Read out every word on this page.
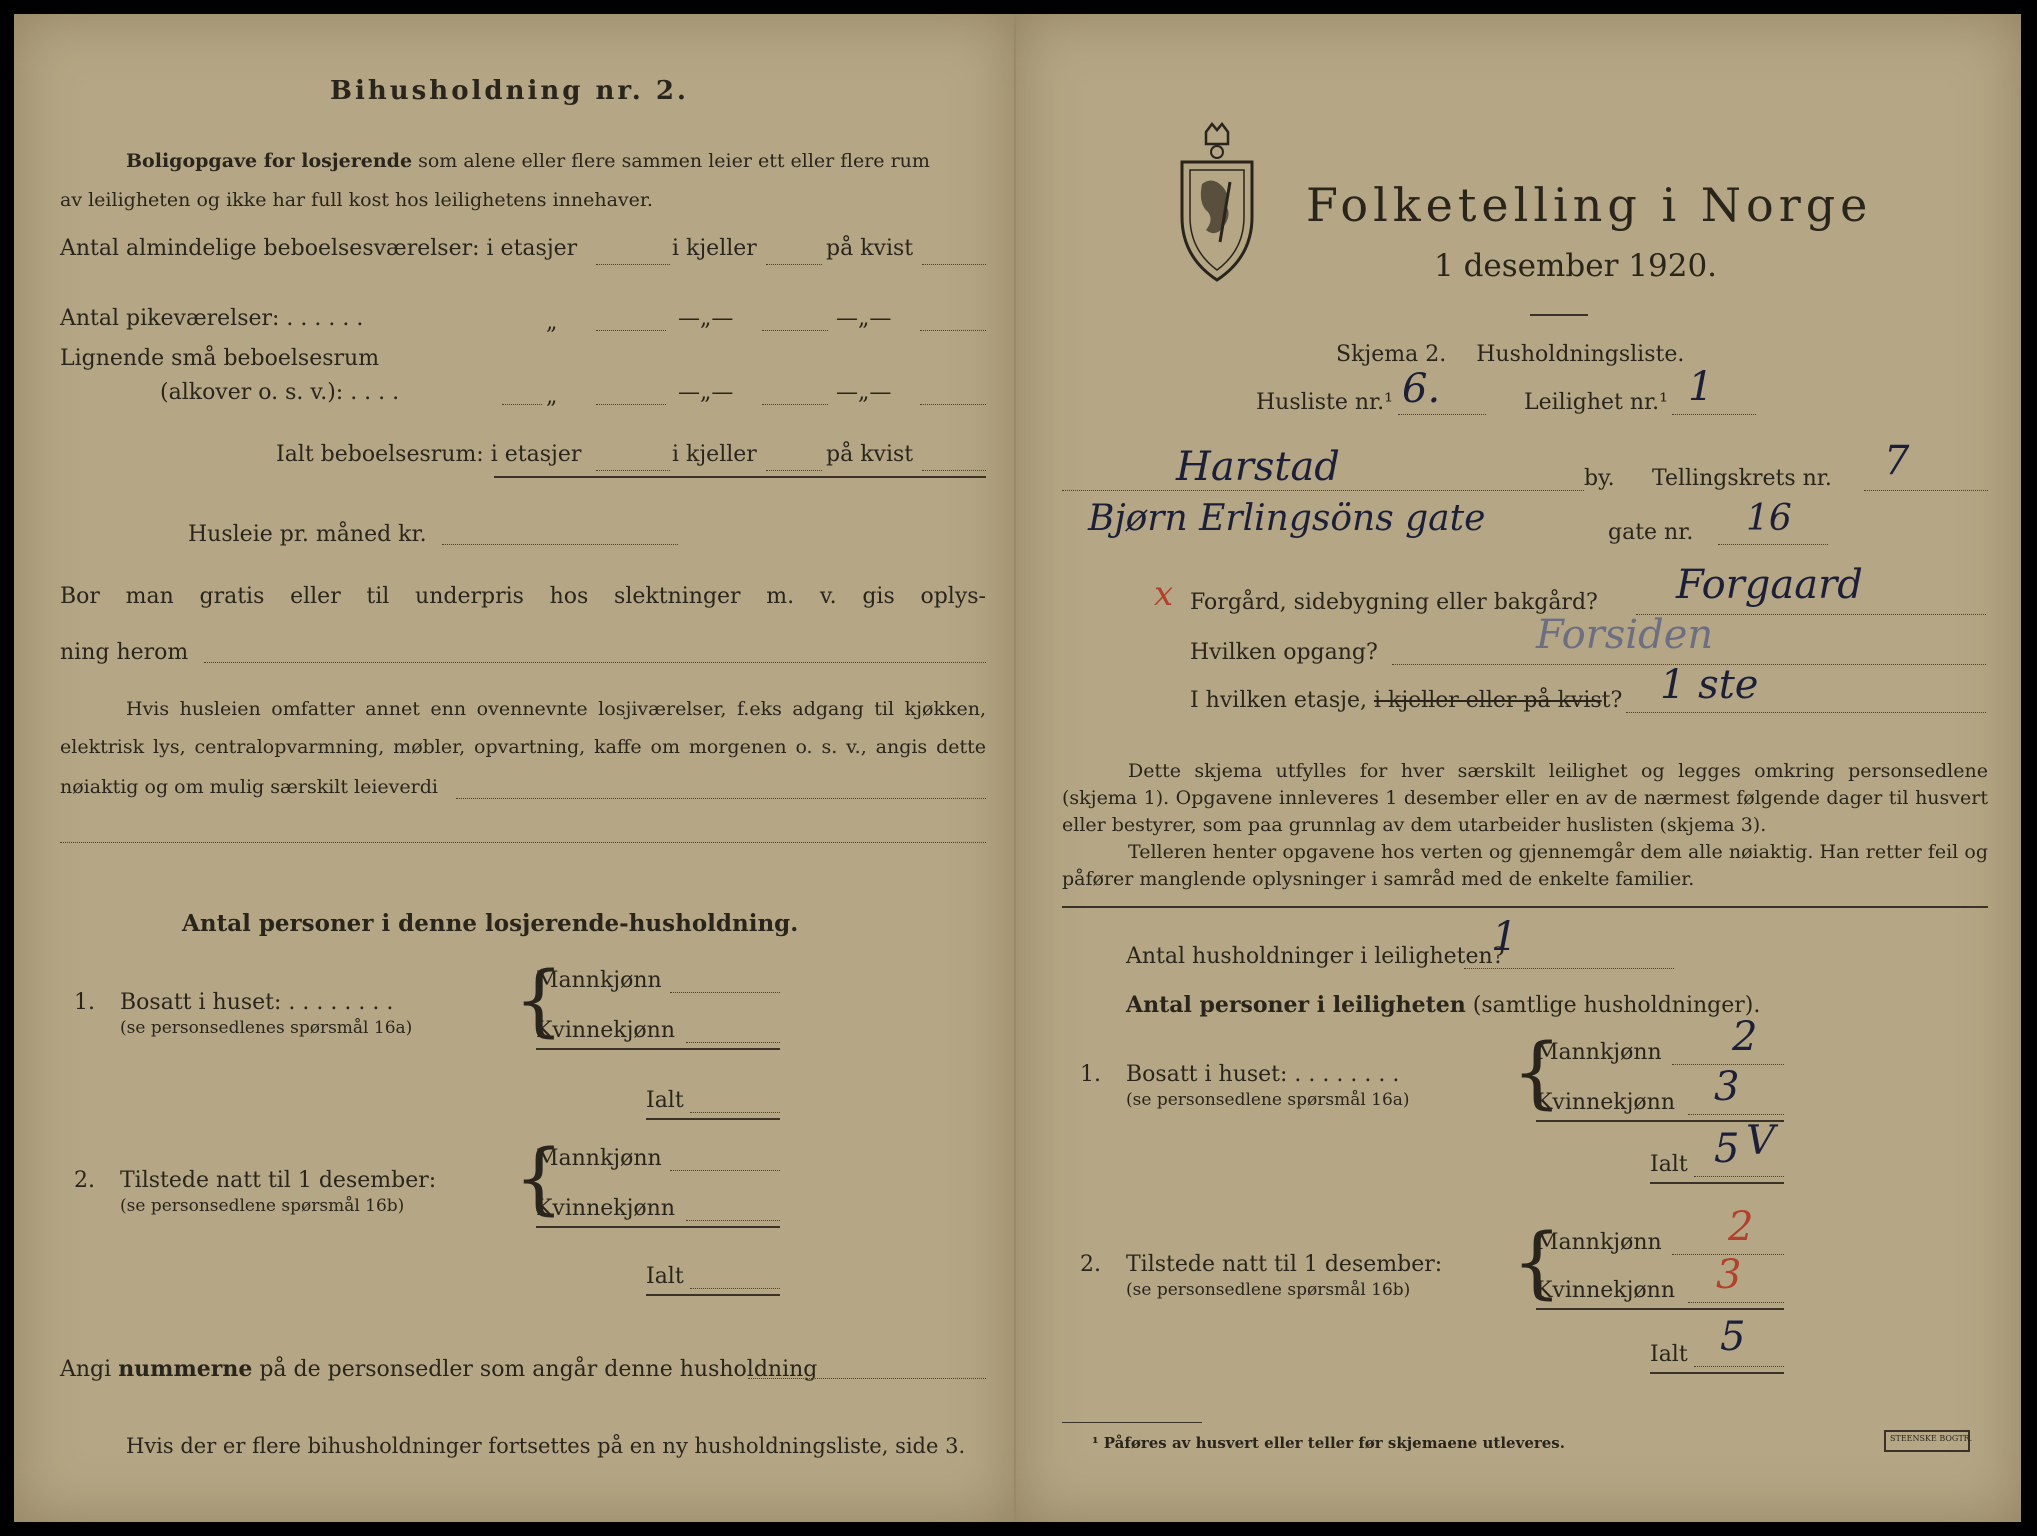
Bihusholdning nr. 2.
Boligopgave for losjerende som alene eller flere sammen leier ett eller flere rum
av leiligheten og ikke har full kost hos leilighetens innehaver.
Antal almindelige beboelsesværelser: i etasjer	i kjeller	på kvist
Antal pikeværelser: . . . . . .	„	—„—	—„—
Lignende små beboelsesrum
(alkover o. s. v.): . . . .	„	—„—	—„—
Ialt beboelsesrum: i etasjer	i kjeller	på kvist
Husleie pr. måned kr.
Bor man gratis eller til underpris hos slektninger m. v. gis oplys-
ning herom
Hvis husleien omfatter annet enn ovennevnte losjiværelser, f.eks adgang til kjøkken,
elektrisk lys, centralopvarmning, møbler, opvartning, kaffe om morgenen o. s. v., angis dette
nøiaktig og om mulig særskilt leieverdi
Antal personer i denne losjerende-husholdning.
1. Bosatt i huset: . . . . . . . .
(se personsedlenes spørsmål 16a) {
Mannkjønn
Kvinnekjønn
Ialt
2. Tilstede natt til 1 desember:
(se personsedlene spørsmål 16b) {
Mannkjønn
Kvinnekjønn
Ialt
Angi nummerne på de personsedler som angår denne husholdning
Hvis der er flere bihusholdninger fortsettes på en ny husholdningsliste, side 3.
Folketelling i Norge
1 desember 1920.
Skjema 2. Husholdningsliste.
Husliste nr.¹ 6.	Leilighet nr.¹ 1
Harstad	by. Tellingskrets nr. 7
Bjørn Erlingsöns gate	gate nr. 16
x Forgård, sidebygning eller bakgård? Forgaard
Hvilken opgang?	Forsiden
I hvilken etasje, i kjeller eller på kvist? 1 ste
Dette skjema utfylles for hver særskilt leilighet og legges omkring personsedlene (skjema 1). Opgavene innleveres 1 desember eller en av de nærmest følgende dager til husvert eller bestyrer, som paa grunnlag av dem utarbeider huslisten (skjema 3).
Telleren henter opgavene hos verten og gjennemgår dem alle nøiaktig. Han retter feil og påfører manglende oplysninger i samråd med de enkelte familier.
Antal husholdninger i leiligheten?
1
Antal personer i leiligheten (samtlige husholdninger).
1. Bosatt i huset: . . . . . . . .
(se personsedlene spørsmål 16a) {
Mannkjønn 2
Kvinnekjønn 3
Ialt 5 V
2. Tilstede natt til 1 desember:
(se personsedlene spørsmål 16b) {
Mannkjønn 2
Kvinnekjønn 3
Ialt 5
¹ Påføres av husvert eller teller før skjemaene utleveres.	STEENSKE BOGTR.
